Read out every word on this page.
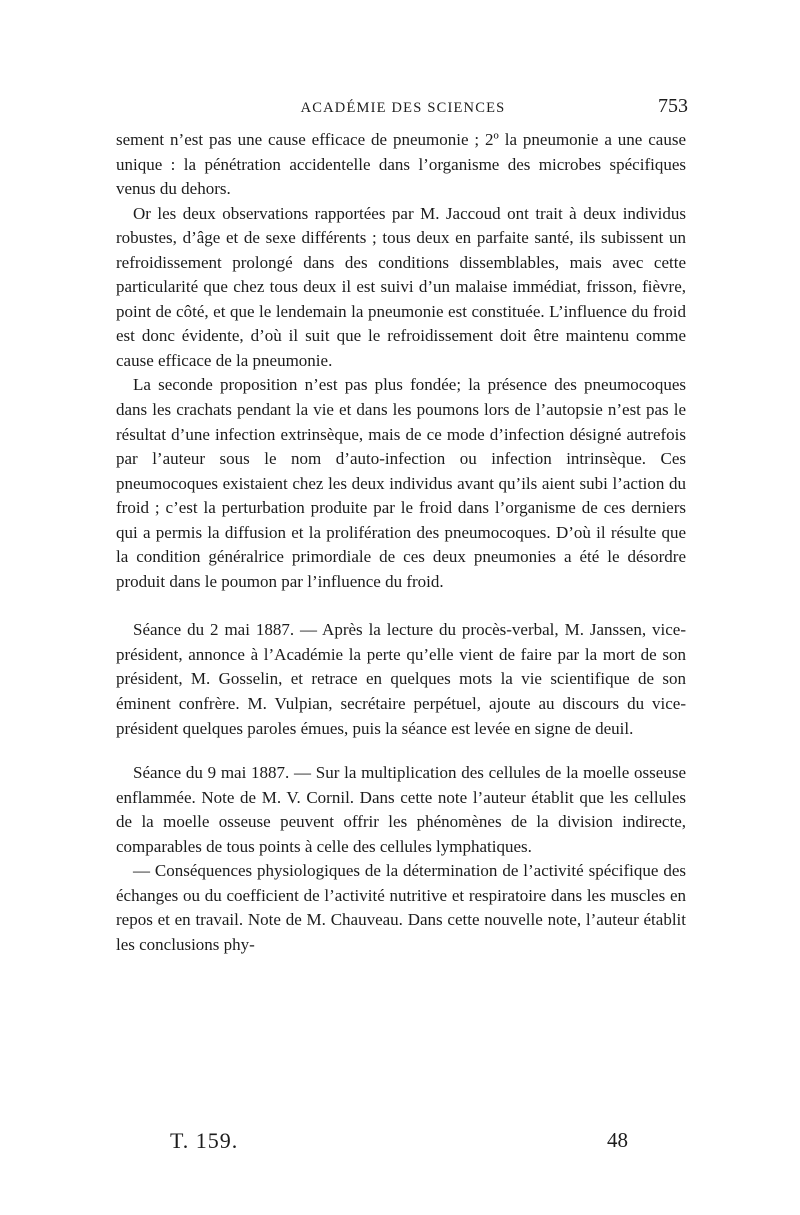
ACADÉMIE DES SCIENCES	753

sement n’est pas une cause efficace de pneumonie ; 2º la pneumonie a une cause unique : la pénétration accidentelle dans l’organisme des microbes spécifiques venus du dehors.

Or les deux observations rapportées par M. Jaccoud ont trait à deux individus robustes, d’âge et de sexe différents ; tous deux en parfaite santé, ils subissent un refroidissement prolongé dans des conditions dissemblables, mais avec cette particularité que chez tous deux il est suivi d’un malaise immédiat, frisson, fièvre, point de côté, et que le lendemain la pneumonie est constituée. L’influence du froid est donc évidente, d’où il suit que le refroidissement doit être maintenu comme cause efficace de la pneumonie.

La seconde proposition n’est pas plus fondée; la présence des pneumocoques dans les crachats pendant la vie et dans les poumons lors de l’autopsie n’est pas le résultat d’une infection extrinsèque, mais de ce mode d’infection désigné autrefois par l’auteur sous le nom d’auto-infection ou infection intrinsèque. Ces pneumocoques existaient chez les deux individus avant qu’ils aient subi l’action du froid ; c’est la perturbation produite par le froid dans l’organisme de ces derniers qui a permis la diffusion et la prolifération des pneumocoques. D’où il résulte que la condition généralrice primordiale de ces deux pneumonies a été le désordre produit dans le poumon par l’influence du froid.

Séance du 2 mai 1887. — Après la lecture du procès-verbal, M. Janssen, vice-président, annonce à l’Académie la perte qu’elle vient de faire par la mort de son président, M. Gosselin, et retrace en quelques mots la vie scientifique de son éminent confrère. M. Vulpian, secrétaire perpétuel, ajoute au discours du vice-président quelques paroles émues, puis la séance est levée en signe de deuil.

Séance du 9 mai 1887. — Sur la multiplication des cellules de la moelle osseuse enflammée. Note de M. V. Cornil. Dans cette note l’auteur établit que les cellules de la moelle osseuse peuvent offrir les phénomènes de la division indirecte, comparables de tous points à celle des cellules lymphatiques.

— Conséquences physiologiques de la détermination de l’activité spécifique des échanges ou du coefficient de l’activité nutritive et respiratoire dans les muscles en repos et en travail. Note de M. Chauveau. Dans cette nouvelle note, l’auteur établit les conclusions phy-

T. 159.	48
